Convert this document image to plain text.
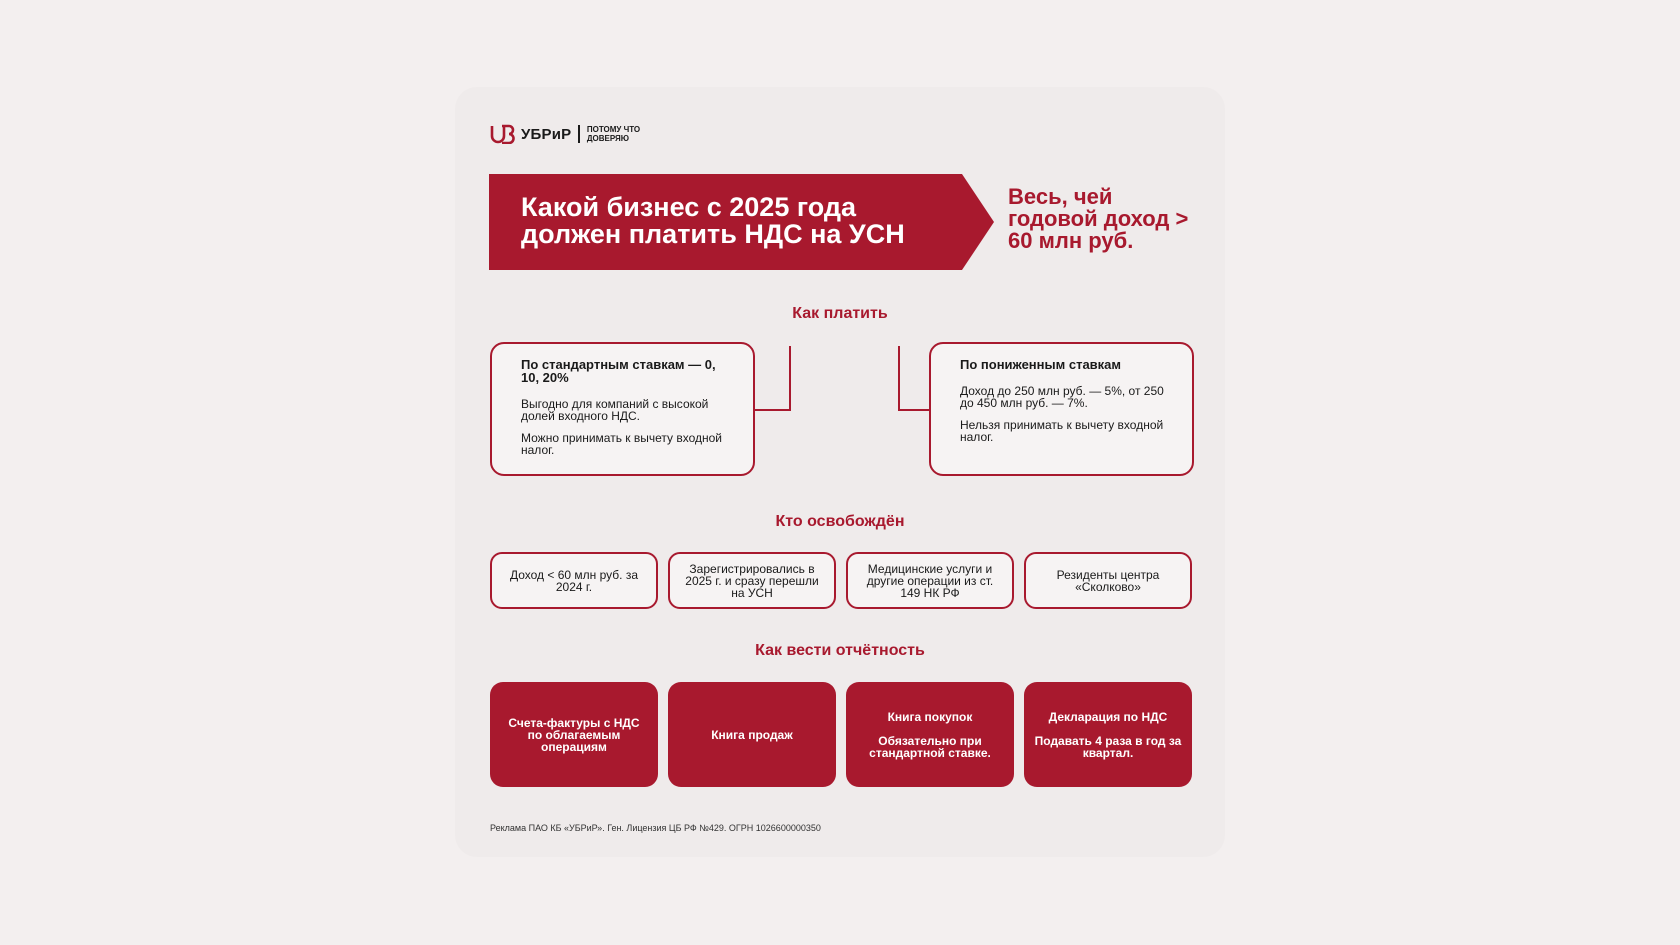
УБРиР ПОТОМУ ЧТО
ДОВЕРЯЮ
Какой бизнес с 2025 года должен платить НДС на УСН
Весь, чей годовой доход > 60 млн руб.
Как платить
По стандартным ставкам — 0, 10, 20%

Выгодно для компаний с высокой долей входного НДС.

Можно принимать к вычету входной налог.

По пониженным ставкам

Доход до 250 млн руб. — 5%, от 250 до 450 млн руб. — 7%.

Нельзя принимать к вычету входной налог.

Кто освобождён
Доход < 60 млн руб. за 2024 г.
Зарегистрировались в 2025 г. и сразу перешли на УСН
Медицинские услуги и другие операции из ст. 149 НК РФ
Резиденты центра «Сколково»
Как вести отчётность
Счета-фактуры с НДС по облагаемым операциям
Книга продаж
Книга покупок
Обязательно при стандартной ставке.
Декларация по НДС
Подавать 4 раза в год за квартал.
Реклама ПАО КБ «УБРиР». Ген. Лицензия ЦБ РФ №429. ОГРН 1026600000350
